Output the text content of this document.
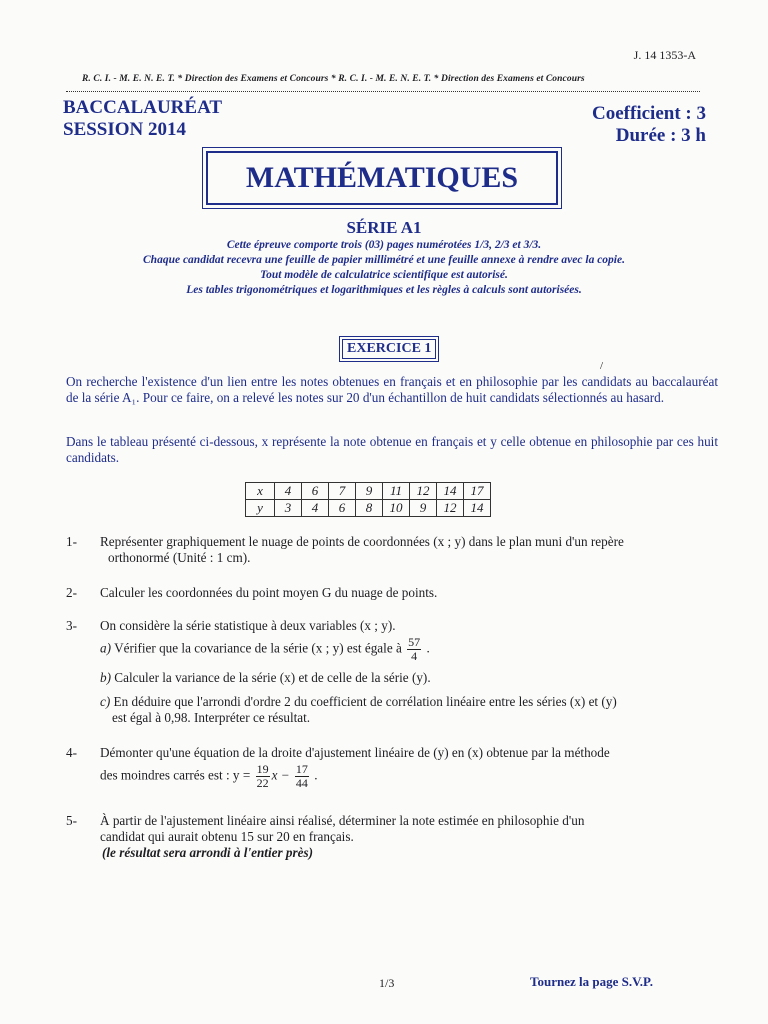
J. 14 1353-A
R. C. I. - M. E. N. E. T. * Direction des Examens et Concours * R. C. I. - M. E. N. E. T. * Direction des Examens et Concours
BACCALAURÉAT
SESSION 2014
Coefficient : 3
Durée : 3 h
MATHÉMATIQUES
SÉRIE A1
Cette épreuve comporte trois (03) pages numérotées 1/3, 2/3 et 3/3.
Chaque candidat recevra une feuille de papier millimétré et une feuille annexe à rendre avec la copie.
Tout modèle de calculatrice scientifique est autorisé.
Les tables trigonométriques et logarithmiques et les règles à calculs sont autorisées.
EXERCICE 1
/
On recherche l'existence d'un lien entre les notes obtenues en français et en philosophie par les candidats au baccalauréat de la série A₁. Pour ce faire, on a relevé les notes sur 20 d'un échantillon de huit candidats sélectionnés au hasard.
Dans le tableau présenté ci-dessous, x représente la note obtenue en français et y celle obtenue en philosophie par ces huit candidats.
x	4	6	7	9	11	12	14	17
y	3	4	6	8	10	9	12	14
1- Représenter graphiquement le nuage de points de coordonnées (x ; y) dans le plan muni d'un repère
orthonormé (Unité : 1 cm).
2- Calculer les coordonnées du point moyen G du nuage de points.
3- On considère la série statistique à deux variables (x ; y).
a) Vérifier que la covariance de la série (x ; y) est égale à $\frac{57}{4}$ .
b) Calculer la variance de la série (x) et de celle de la série (y).
c) En déduire que l'arrondi d'ordre 2 du coefficient de corrélation linéaire entre les séries (x) et (y)
est égal à 0,98. Interpréter ce résultat.
4- Démonter qu'une équation de la droite d'ajustement linéaire de (y) en (x) obtenue par la méthode
des moindres carrés est : $y = \frac{19}{22}$ $x - \frac{17}{44}$ .
5- À partir de l'ajustement linéaire ainsi réalisé, déterminer la note estimée en philosophie d'un
candidat qui aurait obtenu 15 sur 20 en français.
(le résultat sera arrondi à l'entier près)
1/3	Tournez la page S.V.P.
